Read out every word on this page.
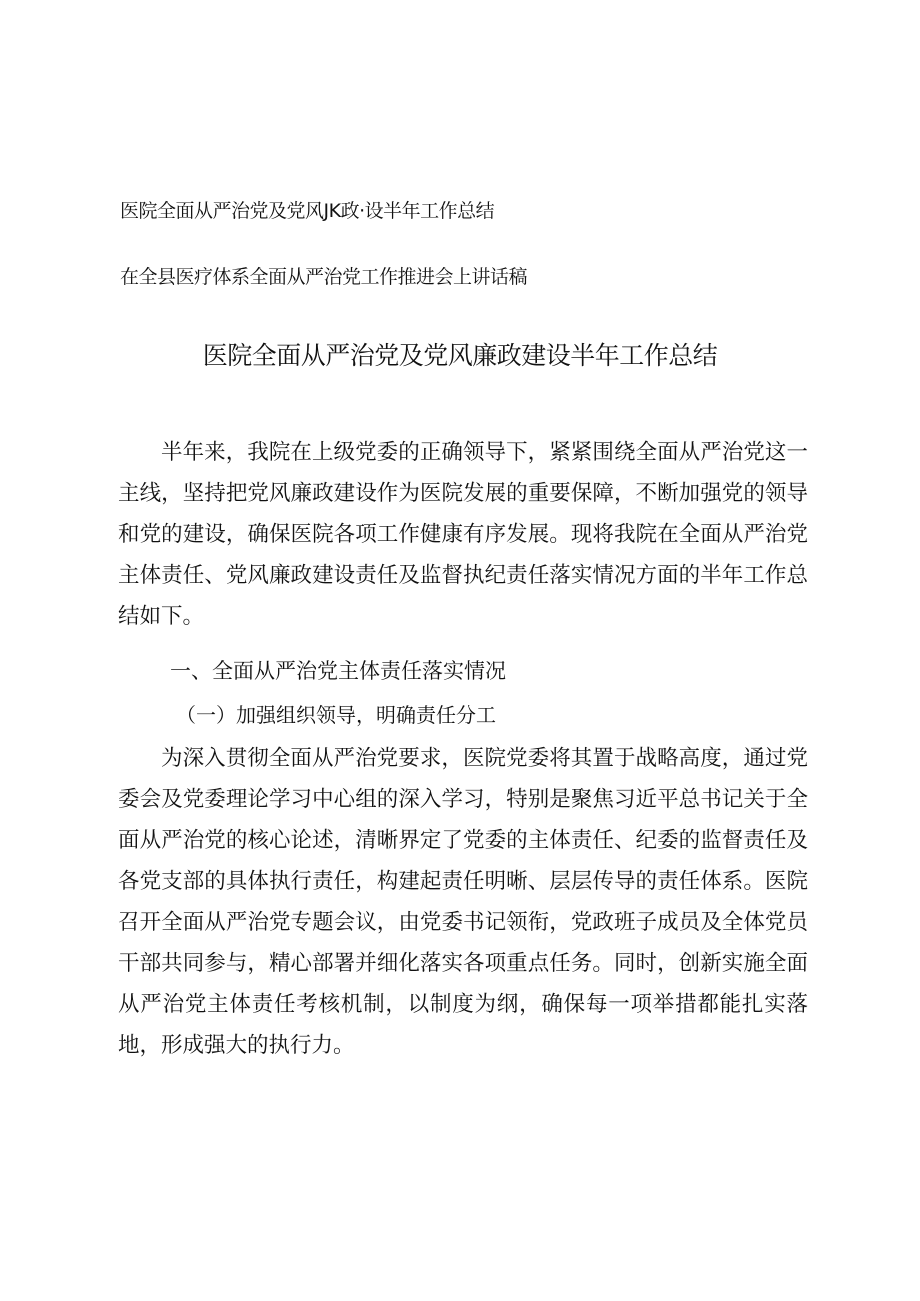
医院全面从严治党及党风JK政·设半年工作总结
在全县医疗体系全面从严治党工作推进会上讲话稿
医院全面从严治党及党风廉政建设半年工作总结

半年来，我院在上级党委的正确领导下，紧紧围绕全面从严治党这一主线，坚持把党风廉政建设作为医院发展的重要保障，不断加强党的领导和党的建设，确保医院各项工作健康有序发展。现将我院在全面从严治党主体责任、党风廉政建设责任及监督执纪责任落实情况方面的半年工作总结如下。

一、全面从严治党主体责任落实情况
（一）加强组织领导，明确责任分工

为深入贯彻全面从严治党要求，医院党委将其置于战略高度，通过党委会及党委理论学习中心组的深入学习，特别是聚焦习近平总书记关于全面从严治党的核心论述，清晰界定了党委的主体责任、纪委的监督责任及各党支部的具体执行责任，构建起责任明晰、层层传导的责任体系。医院召开全面从严治党专题会议，由党委书记领衔，党政班子成员及全体党员干部共同参与，精心部署并细化落实各项重点任务。同时，创新实施全面从严治党主体责任考核机制，以制度为纲，确保每一项举措都能扎实落地，形成强大的执行力。
